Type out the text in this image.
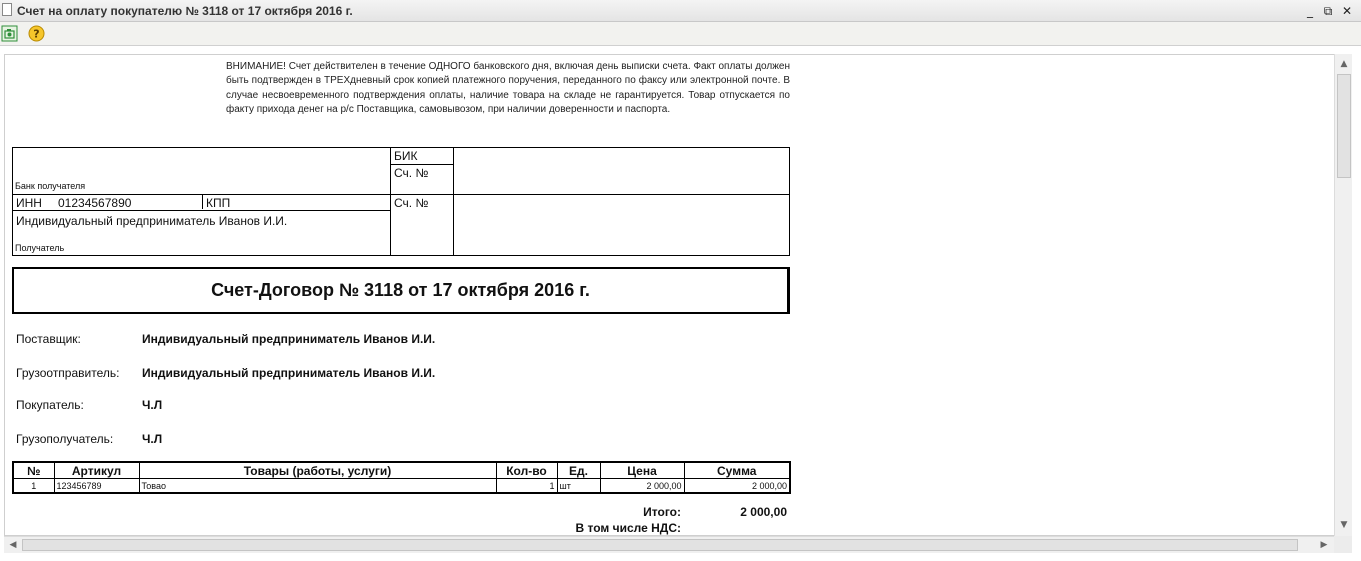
Счет на оплату покупателю № 3118 от 17 октября 2016 г.	_ ⧉ ✕
?
ВНИМАНИЕ! Счет действителен в течение ОДНОГО банковского дня, включая день выписки счета. Факт оплаты должен быть подтвержден в ТРЕХдневный срок копией платежного поручения, переданного по факсу или электронной почте. В случае несвоевременного подтверждения оплаты, наличие товара на складе не гарантируется. Товар отпускается по факту прихода денег на р/с Поставщика, самовывозом, при наличии доверенности и паспорта.
БИК
Сч. №
Банк получателя
ИНН 01234567890	КПП	Сч. №
Индивидуальный предприниматель Иванов И.И.
Получатель
Счет-Договор № 3118 от 17 октября 2016 г.
Поставщик:	Индивидуальный предприниматель Иванов И.И.
Грузоотправитель: Индивидуальный предприниматель Иванов И.И.
Покупатель:	Ч.Л
Грузополучатель: Ч.Л
№	Артикул	Товары (работы, услуги)	Кол-во	Ед.	Цена	Сумма
1	123456789	Товао	1	шт	2 000,00	2 000,00
Итого:	2 000,00
В том числе НДС:
▲
▼
◀	▶
